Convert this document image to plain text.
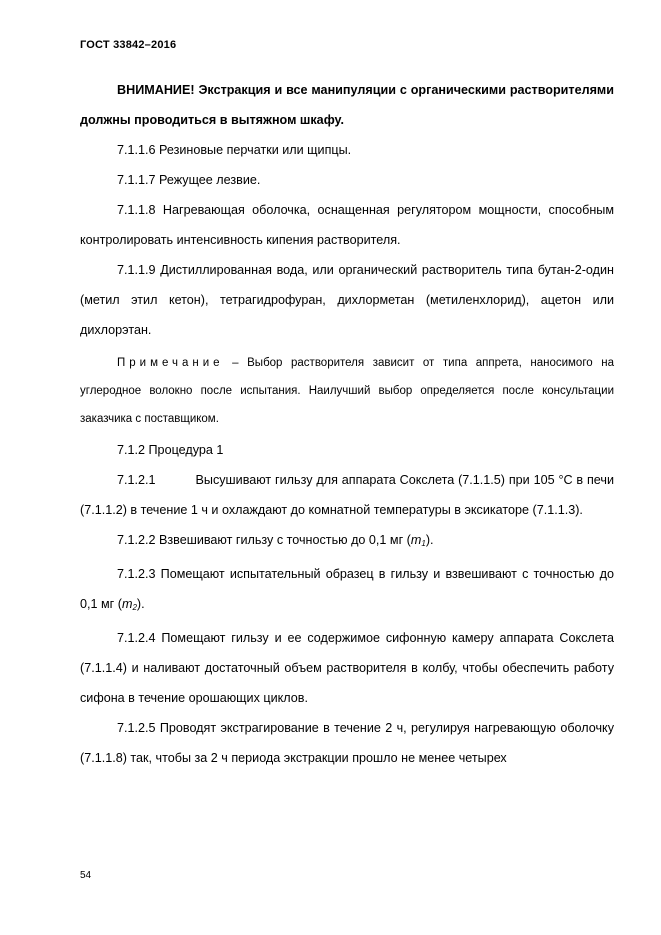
ГОСТ 33842–2016

ВНИМАНИЕ! Экстракция и все манипуляции с органическими растворителями должны проводиться в вытяжном шкафу.

7.1.1.6 Резиновые перчатки или щипцы.

7.1.1.7 Режущее лезвие.

7.1.1.8 Нагревающая оболочка, оснащенная регулятором мощности, способным контролировать интенсивность кипения растворителя.

7.1.1.9 Дистиллированная вода, или органический растворитель типа бутан-2-один (метил этил кетон), тетрагидрофуран, дихлорметан (метиленхлорид), ацетон или дихлорэтан.

Примечание – Выбор растворителя зависит от типа аппрета, наносимого на углеродное волокно после испытания. Наилучший выбор определяется после консультации заказчика с поставщиком.

7.1.2 Процедура 1

7.1.2.1	Высушивают гильзу для аппарата Сокслета (7.1.1.5) при 105 °С в печи (7.1.1.2) в течение 1 ч и охлаждают до комнатной температуры в эксикаторе (7.1.1.3).

7.1.2.2 Взвешивают гильзу с точностью до 0,1 мг $(m_1)$.

7.1.2.3 Помещают испытательный образец в гильзу и взвешивают с точностью до 0,1 мг $(m_2)$.

7.1.2.4 Помещают гильзу и ее содержимое сифонную камеру аппарата Сокслета (7.1.1.4) и наливают достаточный объем растворителя в колбу, чтобы обеспечить работу сифона в течение орошающих циклов.

7.1.2.5 Проводят экстрагирование в течение 2 ч, регулируя нагревающую оболочку (7.1.1.8) так, чтобы за 2 ч периода экстракции прошло не менее четырех

54
